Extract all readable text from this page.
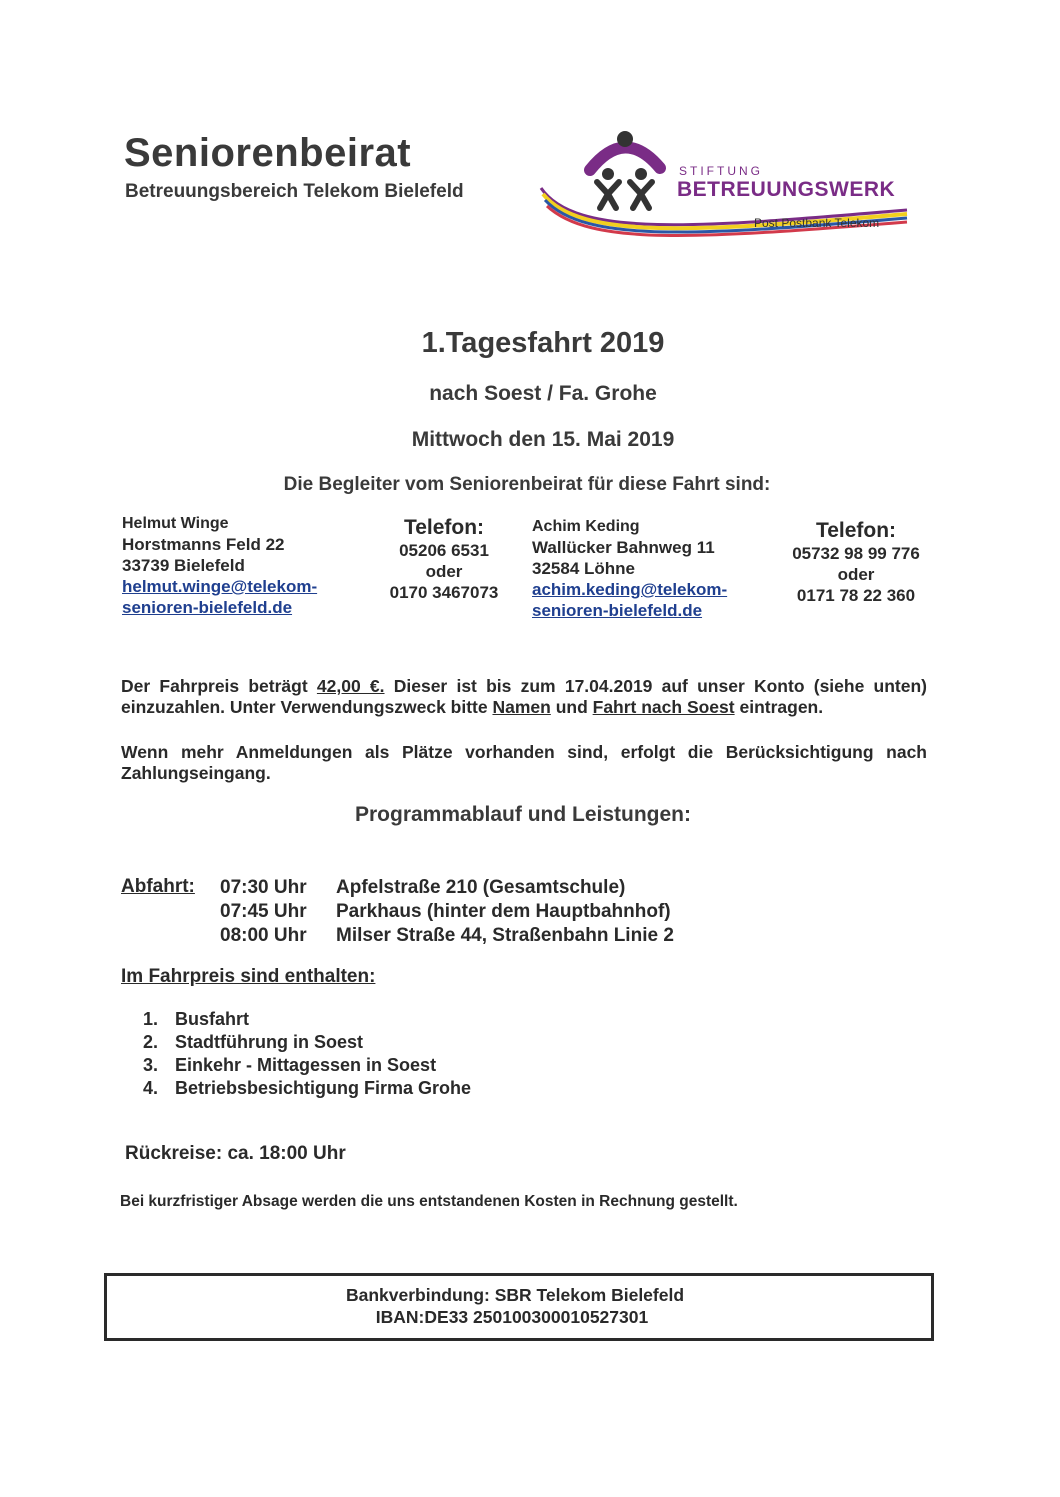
Seniorenbeirat
Betreuungsbereich Telekom Bielefeld
STIFTUNG
BETREUUNGSWERK
Post Postbank Telekom
1.Tagesfahrt 2019
nach Soest / Fa. Grohe
Mittwoch den 15. Mai 2019
Die Begleiter vom Seniorenbeirat für diese Fahrt sind:
Helmut Winge
Horstmanns Feld 22
33739 Bielefeld
helmut.winge@telekom-
senioren-bielefeld.de
Telefon:
05206 6531
oder
0170 3467073
Achim Keding
Wallücker Bahnweg 11
32584 Löhne
achim.keding@telekom-
senioren-bielefeld.de
Telefon:
05732 98 99 776
oder
0171 78 22 360
Der Fahrpreis beträgt 42,00 €. Dieser ist bis zum 17.04.2019 auf unser Konto (siehe unten) einzuzahlen. Unter Verwendungszweck bitte Namen und Fahrt nach Soest eintragen.
Wenn mehr Anmeldungen als Plätze vorhanden sind, erfolgt die Berücksichtigung nach Zahlungseingang.
Programmablauf und Leistungen:
Abfahrt: 07:30 Uhr Apfelstraße 210 (Gesamtschule)
07:45 Uhr Parkhaus (hinter dem Hauptbahnhof)
08:00 Uhr Milser Straße 44, Straßenbahn Linie 2
Im Fahrpreis sind enthalten:
1. Busfahrt
2. Stadtführung in Soest
3. Einkehr - Mittagessen in Soest
4. Betriebsbesichtigung Firma Grohe
Rückreise: ca. 18:00 Uhr
Bei kurzfristiger Absage werden die uns entstandenen Kosten in Rechnung gestellt.
Bankverbindung: SBR Telekom Bielefeld
IBAN:DE33 250100300010527301
